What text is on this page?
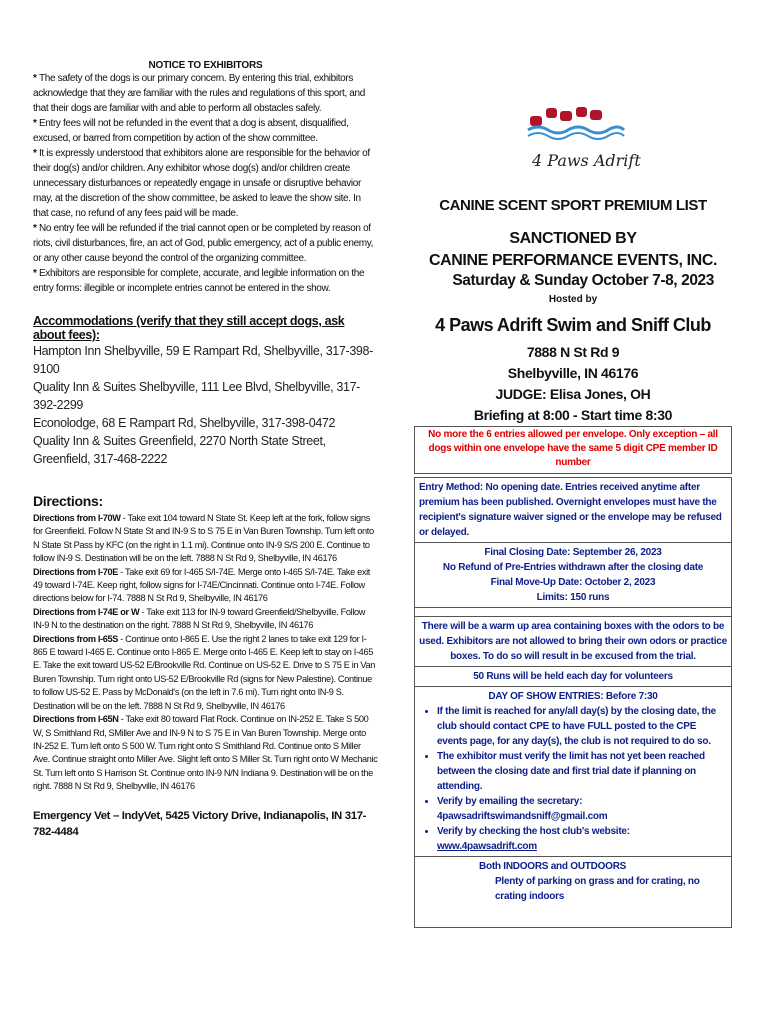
NOTICE TO EXHIBITORS
* The safety of the dogs is our primary concern. By entering this trial, exhibitors acknowledge that they are familiar with the rules and regulations of this sport, and that their dogs are familiar with and able to perform all obstacles safely.
* Entry fees will not be refunded in the event that a dog is absent, disqualified, excused, or barred from competition by action of the show committee.
* It is expressly understood that exhibitors alone are responsible for the behavior of their dog(s) and/or children. Any exhibitor whose dog(s) and/or children create unnecessary disturbances or repeatedly engage in unsafe or disruptive behavior may, at the discretion of the show committee, be asked to leave the show site. In that case, no refund of any fees paid will be made.
* No entry fee will be refunded if the trial cannot open or be completed by reason of riots, civil disturbances, fire, an act of God, public emergency, act of a public enemy, or any other cause beyond the control of the organizing committee.
* Exhibitors are responsible for complete, accurate, and legible information on the entry forms: illegible or incomplete entries cannot be entered in the show.
Accommodations (verify that they still accept dogs, ask about fees):
Hampton Inn Shelbyville, 59 E Rampart Rd, Shelbyville, 317-398-9100
Quality Inn & Suites Shelbyville, 111 Lee Blvd, Shelbyville, 317-392-2299
Econolodge, 68 E Rampart Rd, Shelbyville, 317-398-0472
Quality Inn & Suites Greenfield, 2270 North State Street, Greenfield, 317-468-2222
Directions:
Directions from I-70W - Take exit 104 toward N State St. Keep left at the fork, follow signs for Greenfield. Follow N State St and IN-9 S to S 75 E in Van Buren Township. Turn left onto N State St Pass by KFC (on the right in 1.1 mi). Continue onto IN-9 S/S 200 E. Continue to follow IN-9 S. Destination will be on the left. 7888 N St Rd 9, Shelbyville, IN 46176
Directions from I-70E - Take exit 69 for I-465 S/I-74E. Merge onto I-465 S/I-74E. Take exit 49 toward I-74E. Keep right, follow signs for I-74E/Cincinnati. Continue onto I-74E. Follow directions below for I-74. 7888 N St Rd 9, Shelbyville, IN 46176
Directions from I-74E or W - Take exit 113 for IN-9 toward Greenfield/Shelbyville. Follow IN-9 N to the destination on the right. 7888 N St Rd 9, Shelbyville, IN 46176
Directions from I-65S - Continue onto I-865 E. Use the right 2 lanes to take exit 129 for I-865 E toward I-465 E. Continue onto I-865 E. Merge onto I-465 E. Keep left to stay on I-465 E. Take the exit toward US-52 E/Brookville Rd. Continue on US-52 E. Drive to S 75 E in Van Buren Township. Turn right onto US-52 E/Brookville Rd (signs for New Palestine). Continue to follow US-52 E. Pass by McDonald's (on the left in 7.6 mi). Turn right onto IN-9 S. Destination will be on the left. 7888 N St Rd 9, Shelbyville, IN 46176
Directions from I-65N - Take exit 80 toward Flat Rock. Continue on IN-252 E. Take S 500 W, S Smithland Rd, SMiller Ave and IN-9 N to S 75 E in Van Buren Township. Merge onto IN-252 E. Turn left onto S 500 W. Turn right onto S Smithland Rd. Continue onto S Miller Ave. Continue straight onto Miller Ave. Slight left onto S Miller St. Turn right onto W Mechanic St. Turn left onto S Harrison St. Continue onto IN-9 N/N Indiana 9. Destination will be on the right. 7888 N St Rd 9, Shelbyville, IN 46176
Emergency Vet – IndyVet, 5425 Victory Drive, Indianapolis, IN 317-782-4484
4 Paws Adrift
CANINE SCENT SPORT PREMIUM LIST
SANCTIONED BY
CANINE PERFORMANCE EVENTS, INC.
Saturday & Sunday October 7-8, 2023
Hosted by
4 Paws Adrift Swim and Sniff Club
7888 N St Rd 9
Shelbyville, IN 46176
JUDGE: Elisa Jones, OH
Briefing at 8:00 - Start time 8:30
No more the 6 entries allowed per envelope. Only exception – all dogs within one envelope have the same 5 digit CPE member ID number
Entry Method: No opening date. Entries received anytime after premium has been published. Overnight envelopes must have the recipient's signature waiver signed or the envelope may be refused or delayed.
Final Closing Date: September 26, 2023
No Refund of Pre-Entries withdrawn after the closing date
Final Move-Up Date: October 2, 2023
Limits: 150 runs
There will be a warm up area containing boxes with the odors to be used. Exhibitors are not allowed to bring their own odors or practice boxes. To do so will result in be excused from the trial.
50 Runs will be held each day for volunteers
DAY OF SHOW ENTRIES: Before 7:30
• If the limit is reached for any/all day(s) by the closing date, the club should contact CPE to have FULL posted to the CPE events page, for any day(s), the club is not required to do so.
• The exhibitor must verify the limit has not yet been reached between the closing date and first trial date if planning on attending.
• Verify by emailing the secretary: 4pawsadriftswimandsniff@gmail.com
• Verify by checking the host club's website: www.4pawsadrift.com
Both INDOORS and OUTDOORS
Plenty of parking on grass and for crating, no crating indoors
